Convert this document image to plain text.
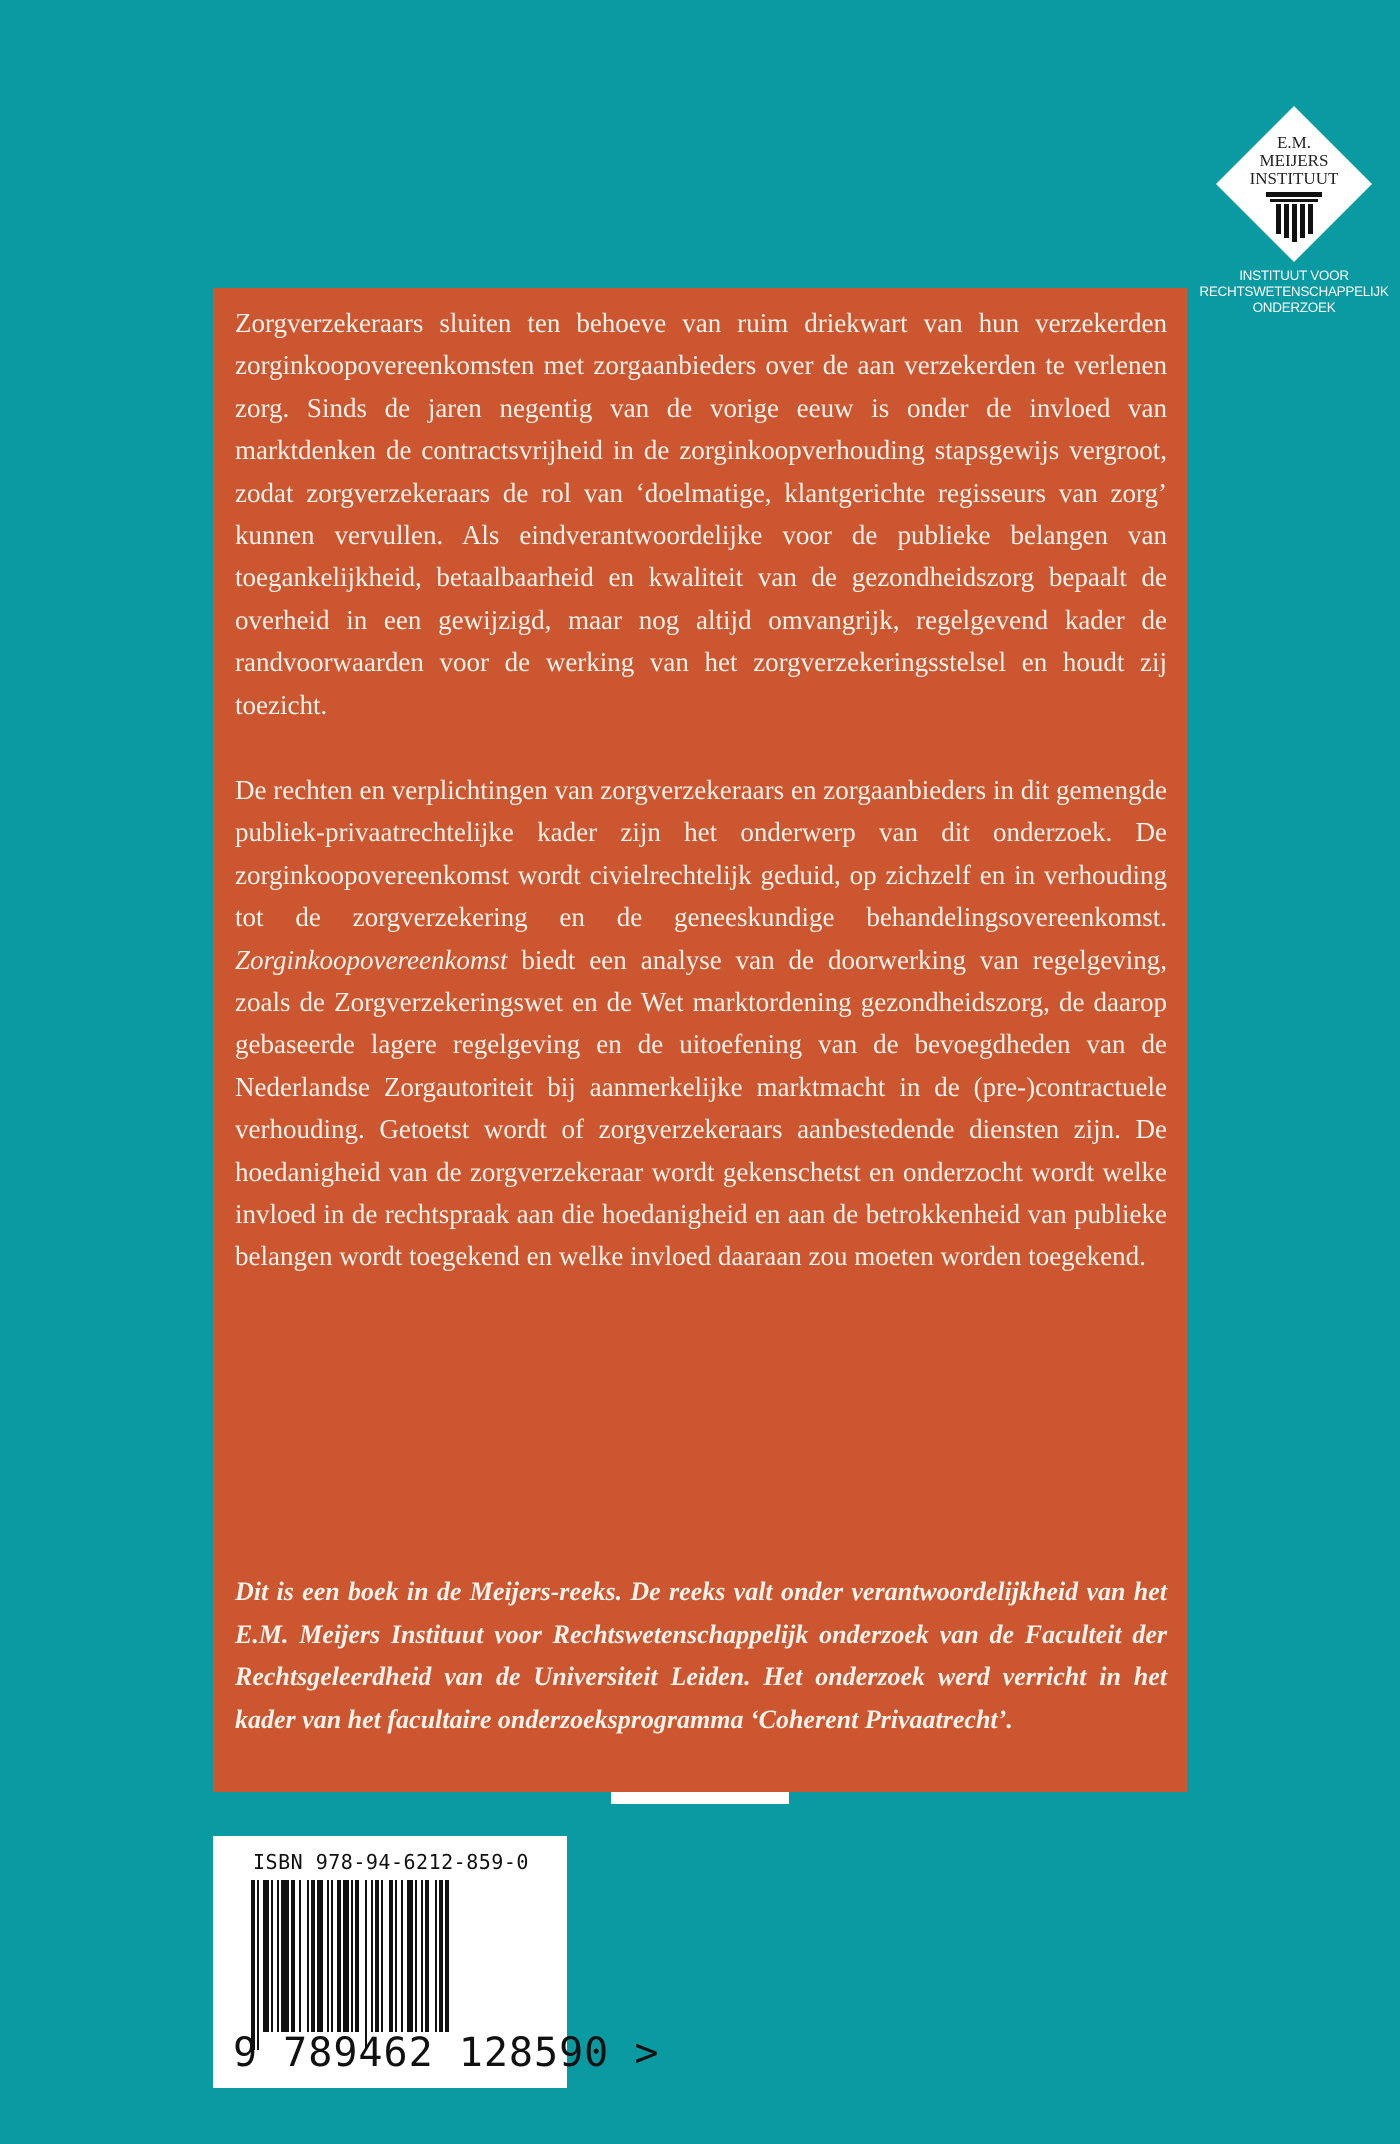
E.M.
MEIJERS
INSTITUUT
INSTITUUT VOOR
RECHTSWETENSCHAPPELIJK
ONDERZOEK

Zorgverzekeraars sluiten ten behoeve van ruim driekwart van hun verzekerden zorginkoopovereenkomsten met zorgaanbieders over de aan verzekerden te verlenen zorg. Sinds de jaren negentig van de vorige eeuw is onder de invloed van marktdenken de contractsvrijheid in de zorginkoopverhouding stapsgewijs vergroot, zodat zorgverzekeraars de rol van ‘doelmatige, klantgerichte regisseurs van zorg’ kunnen vervullen. Als eindverantwoordelijke voor de publieke belangen van toegankelijkheid, betaalbaarheid en kwaliteit van de gezondheidszorg bepaalt de overheid in een gewijzigd, maar nog altijd omvangrijk, regelgevend kader de randvoorwaarden voor de werking van het zorgverzekeringsstelsel en houdt zij toezicht.

De rechten en verplichtingen van zorgverzekeraars en zorgaanbieders in dit gemengde publiek-privaatrechtelijke kader zijn het onderwerp van dit onderzoek. De zorginkoopovereenkomst wordt civielrechtelijk geduid, op zichzelf en in verhouding tot de zorgverzekering en de geneeskundige behandelingsovereenkomst. Zorginkoopovereenkomst biedt een analyse van de doorwerking van regelgeving, zoals de Zorgverzekeringswet en de Wet marktordening gezondheidszorg, de daarop gebaseerde lagere regelgeving en de uitoefening van de bevoegdheden van de Nederlandse Zorgautoriteit bij aanmerkelijke marktmacht in de (pre-)contractuele verhouding. Getoetst wordt of zorgverzekeraars aanbestedende diensten zijn. De hoedanigheid van de zorgverzekeraar wordt gekenschetst en onderzocht wordt welke invloed in de rechtspraak aan die hoedanigheid en aan de betrokkenheid van publieke belangen wordt toegekend en welke invloed daaraan zou moeten worden toegekend.

Dit is een boek in de Meijers-reeks. De reeks valt onder verantwoordelijkheid van het E.M. Meijers Instituut voor Rechtswetenschappelijk onderzoek van de Faculteit der Rechtsgeleerdheid van de Universiteit Leiden. Het onderzoek werd verricht in het kader van het facultaire onderzoeksprogramma ‘Coherent Privaatrecht’.

ISBN 978-94-6212-859-0

9 789462 128590 >
